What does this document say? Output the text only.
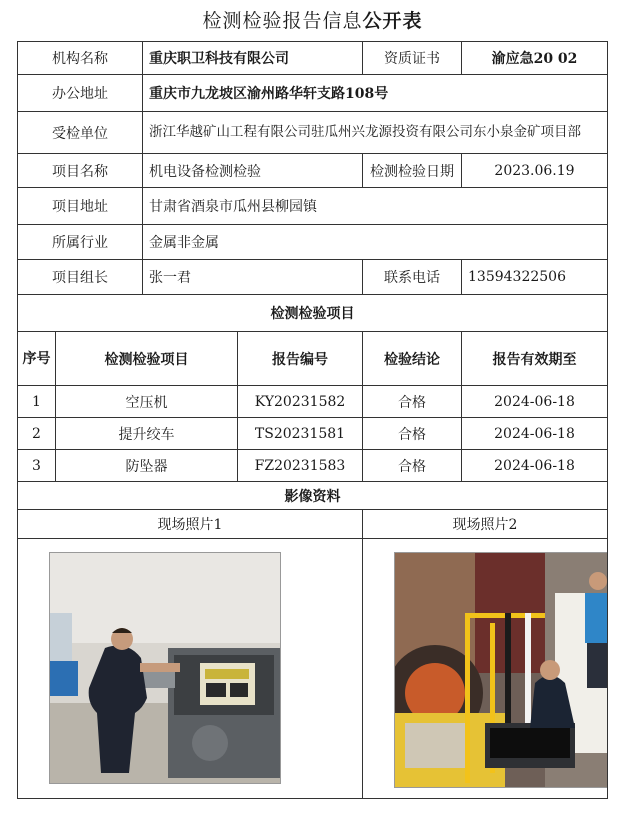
检测检验报告信息公开表
机构名称		重庆职卫科技有限公司		资质证书	渝应急20 02
办公地址		重庆市九龙坡区渝州路华轩支路108号			
受检单位		浙江华越矿山工程有限公司驻瓜州兴龙源投资有限公司东小泉金矿项目部			
项目名称		机电设备检测检验		检测检验日期	2023.06.19
项目地址		甘肃省酒泉市瓜州县柳园镇			
所属行业		金属非金属			
项目组长		张一君		联系电话	13594322506
检测检验项目					
序号	检测检验项目		报告编号	检验结论	报告有效期至
1	空压机		KY20231582	合格	2024-06-18
2	提升绞车		TS20231581	合格	2024-06-18
3	防坠器		FZ20231583	合格	2024-06-18
影像资料					
现场照片1				现场照片2	
